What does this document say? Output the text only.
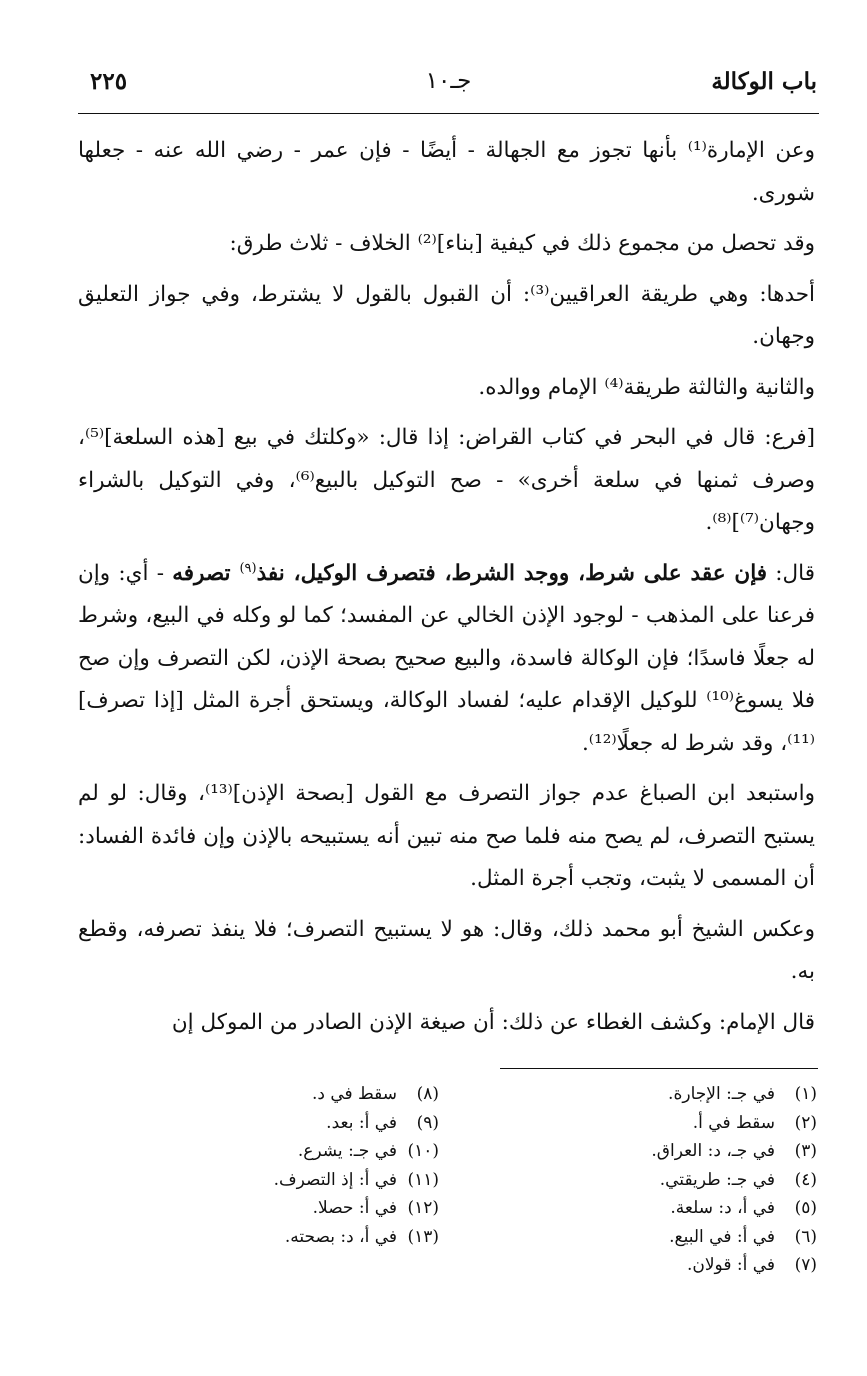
باب الوكالة
جـ١٠
٢٢٥

وعن الإمارة⁽¹⁾ بأنها تجوز مع الجهالة - أيضًا - فإن عمر - رضي الله عنه - جعلها شورى.

وقد تحصل من مجموع ذلك في كيفية [بناء]⁽²⁾ الخلاف - ثلاث طرق:

أحدها: وهي طريقة العراقيين⁽³⁾: أن القبول بالقول لا يشترط، وفي جواز التعليق وجهان.

والثانية والثالثة طريقة⁽⁴⁾ الإمام ووالده.

[فرع: قال في البحر في كتاب القراض: إذا قال: «وكلتك في بيع [هذه السلعة]⁽⁵⁾، وصرف ثمنها في سلعة أخرى» - صح التوكيل بالبيع⁽⁶⁾، وفي التوكيل بالشراء وجهان⁽⁷⁾]⁽⁸⁾.

قال: فإن عقد على شرط، ووجد الشرط، فتصرف الوكيل، نفذ$^{(٩)}$ تصرفه - أي: وإن فرعنا على المذهب - لوجود الإذن الخالي عن المفسد؛ كما لو وكله في البيع، وشرط له جعلًا فاسدًا؛ فإن الوكالة فاسدة، والبيع صحيح بصحة الإذن، لكن التصرف وإن صح فلا يسوغ⁽¹⁰⁾ للوكيل الإقدام عليه؛ لفساد الوكالة، ويستحق أجرة المثل [إذا تصرف]⁽¹¹⁾، وقد شرط له جعلًا⁽¹²⁾.

واستبعد ابن الصباغ عدم جواز التصرف مع القول [بصحة الإذن]⁽¹³⁾، وقال: لو لم يستبح التصرف، لم يصح منه فلما صح منه تبين أنه يستبيحه بالإذن وإن فائدة الفساد: أن المسمى لا يثبت، وتجب أجرة المثل.

وعكس الشيخ أبو محمد ذلك، وقال: هو لا يستبيح التصرف؛ فلا ينفذ تصرفه، وقطع به.

قال الإمام: وكشف الغطاء عن ذلك: أن صيغة الإذن الصادر من الموكل إن

(١)في جـ: الإجارة.
(٢)سقط في أ.
(٣)في جـ، د: العراق.
(٤)في جـ: طريقتي.
(٥)في أ، د: سلعة.
(٦)في أ: في البيع.
(٧)في أ: قولان.
(٨)سقط في د.
(٩)في أ: بعد.
(١٠)في جـ: يشرع.
(١١)في أ: إذ التصرف.
(١٢)في أ: حصلا.
(١٣)في أ، د: بصحته.
